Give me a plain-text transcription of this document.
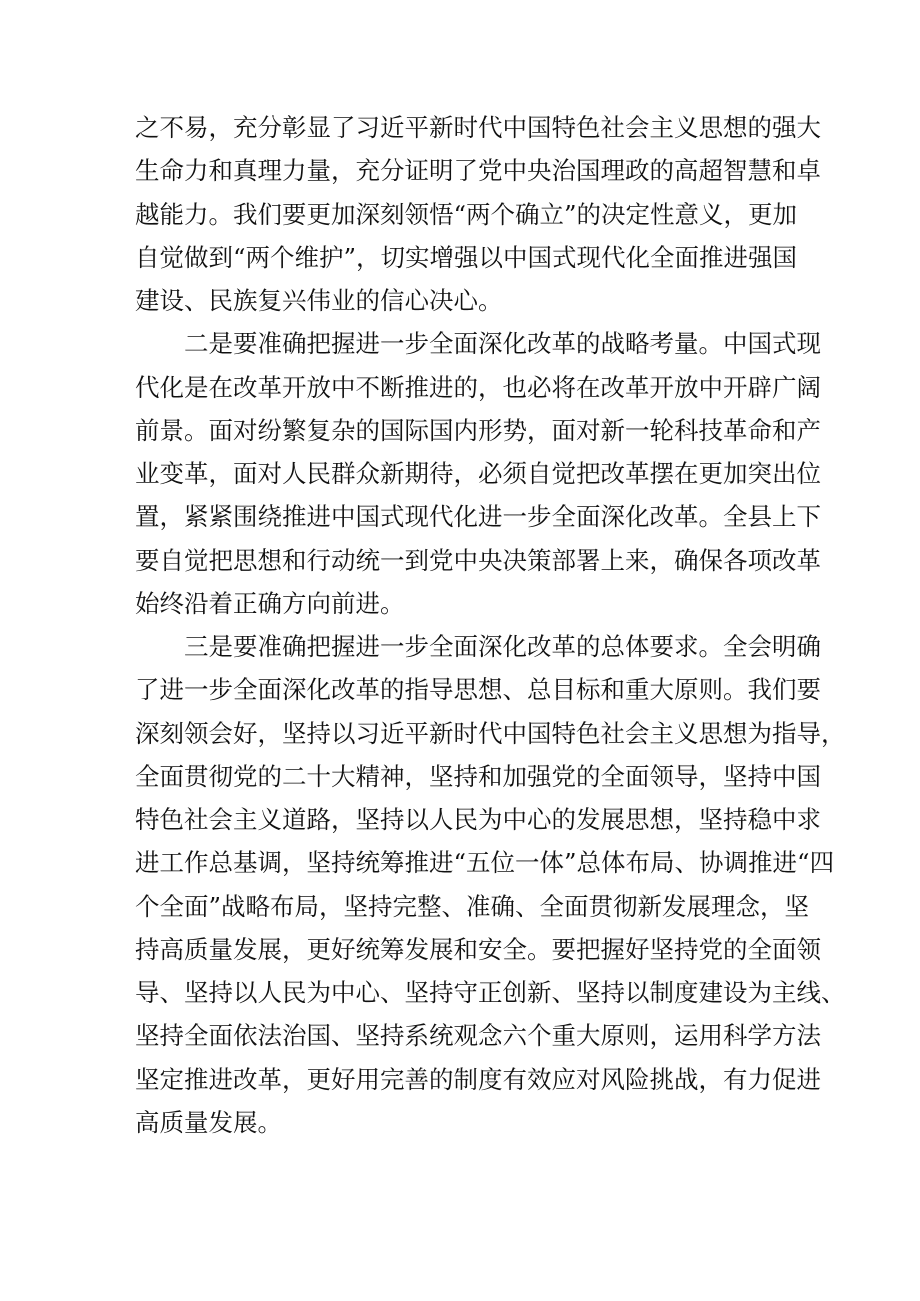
之不易，充分彰显了习近平新时代中国特色社会主义思想的强大
生命力和真理力量，充分证明了党中央治国理政的高超智慧和卓
越能力。我们要更加深刻领悟“两个确立”的决定性意义，更加
自觉做到“两个维护”，切实增强以中国式现代化全面推进强国
建设、民族复兴伟业的信心决心。
二是要准确把握进一步全面深化改革的战略考量。中国式现
代化是在改革开放中不断推进的，也必将在改革开放中开辟广阔
前景。面对纷繁复杂的国际国内形势，面对新一轮科技革命和产
业变革，面对人民群众新期待，必须自觉把改革摆在更加突出位
置，紧紧围绕推进中国式现代化进一步全面深化改革。全县上下
要自觉把思想和行动统一到党中央决策部署上来，确保各项改革
始终沿着正确方向前进。
三是要准确把握进一步全面深化改革的总体要求。全会明确
了进一步全面深化改革的指导思想、总目标和重大原则。我们要
深刻领会好，坚持以习近平新时代中国特色社会主义思想为指导，
全面贯彻党的二十大精神，坚持和加强党的全面领导，坚持中国
特色社会主义道路，坚持以人民为中心的发展思想，坚持稳中求
进工作总基调，坚持统筹推进“五位一体”总体布局、协调推进“四
个全面”战略布局，坚持完整、准确、全面贯彻新发展理念，坚
持高质量发展，更好统筹发展和安全。要把握好坚持党的全面领
导、坚持以人民为中心、坚持守正创新、坚持以制度建设为主线、
坚持全面依法治国、坚持系统观念六个重大原则，运用科学方法
坚定推进改革，更好用完善的制度有效应对风险挑战，有力促进
高质量发展。
